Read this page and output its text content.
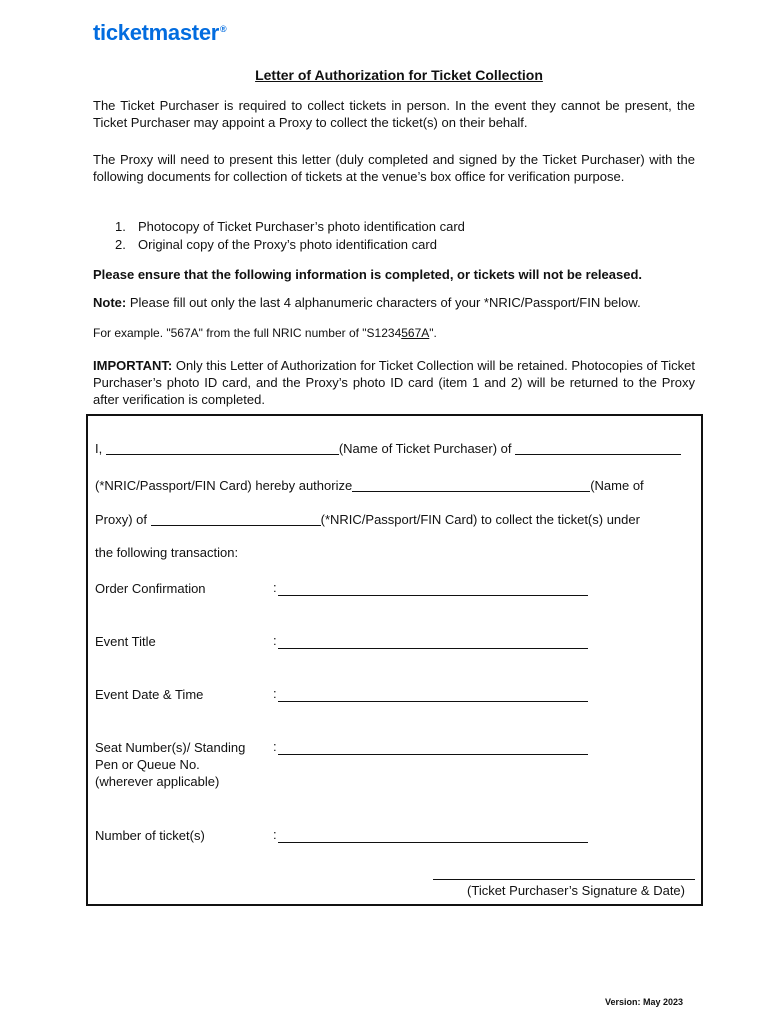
ticketmaster®
Letter of Authorization for Ticket Collection

The Ticket Purchaser is required to collect tickets in person. In the event they cannot be present, the Ticket Purchaser may appoint a Proxy to collect the ticket(s) on their behalf.

The Proxy will need to present this letter (duly completed and signed by the Ticket Purchaser) with the following documents for collection of tickets at the venue’s box office for verification purpose.

1. Photocopy of Ticket Purchaser’s photo identification card
2. Original copy of the Proxy’s photo identification card

Please ensure that the following information is completed, or tickets will not be released.

Note: Please fill out only the last 4 alphanumeric characters of your *NRIC/Passport/FIN below.

For example. "567A" from the full NRIC number of "S1234567A".

IMPORTANT: Only this Letter of Authorization for Ticket Collection will be retained. Photocopies of Ticket Purchaser’s photo ID card, and the Proxy’s photo ID card (item 1 and 2) will be returned to the Proxy after verification is completed.

I,	(Name of Ticket Purchaser) of
(*NRIC/Passport/FIN Card) hereby authorize	(Name of
Proxy) of	(*NRIC/Passport/FIN Card) to collect the ticket(s) under
the following transaction:
Order Confirmation	:
Event Title	:
Event Date & Time	:
Seat Number(s)/ Standing Pen or Queue No. (wherever applicable)
:
Number of ticket(s)	:
(Ticket Purchaser’s Signature & Date)
Version: May 2023
